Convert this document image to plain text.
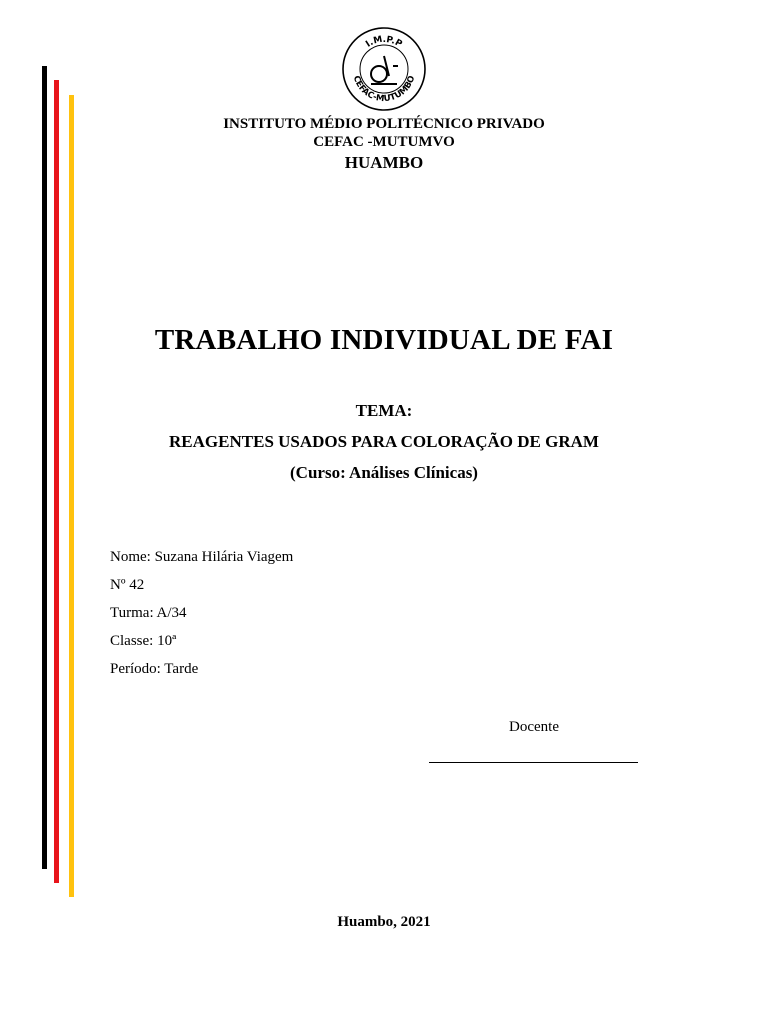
I.M.P.P
CEFAC-MUTUMBO
INSTITUTO MÉDIO POLITÉCNICO PRIVADO
CEFAC -MUTUMVO
HUAMBO
TRABALHO INDIVIDUAL DE FAI
TEMA:
REAGENTES USADOS PARA COLORAÇÃO DE GRAM
(Curso: Análises Clínicas)
Nome: Suzana Hilária Viagem
Nº 42
Turma: A/34
Classe: 10ª
Período: Tarde
Docente
Huambo, 2021
